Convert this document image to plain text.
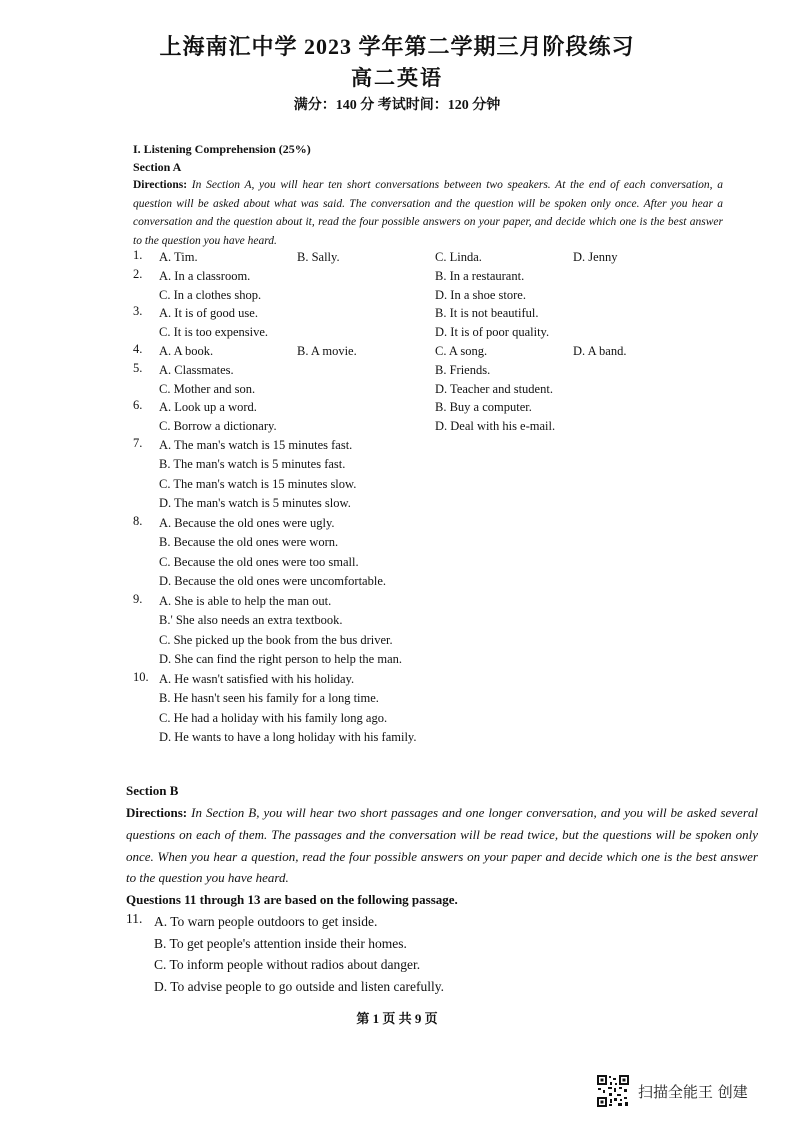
上海南汇中学 2023 学年第二学期三月阶段练习
高二英语
满分：140 分 考试时间：120 分钟
I. Listening Comprehension (25%)
Section A
Directions: In Section A, you will hear ten short conversations between two speakers. At the end of each conversation, a question will be asked about what was said. The conversation and the question will be spoken only once. After you hear a conversation and the question about it, read the four possible answers on your paper, and decide which one is the best answer to the question you have heard.
1.	A. Tim.	B. Sally.	C. Linda.	D. Jenny
2.	A. In a classroom.	B. In a restaurant.
C. In a clothes shop.	D. In a shoe store.
3.	A. It is of good use.	B. It is not beautiful.
C. It is too expensive.	D. It is of poor quality.
4.	A. A book.	B. A movie.	C. A song.	D. A band.
5.	A. Classmates.	B. Friends.
C. Mother and son.	D. Teacher and student.
6.	A. Look up a word.	B. Buy a computer.
C. Borrow a dictionary.	D. Deal with his e-mail.
7.	A. The man's watch is 15 minutes fast.
B. The man's watch is 5 minutes fast.
C. The man's watch is 15 minutes slow.
D. The man's watch is 5 minutes slow.
8.	A. Because the old ones were ugly.
B. Because the old ones were worn.
C. Because the old ones were too small.
D. Because the old ones were uncomfortable.
9.	A. She is able to help the man out.
B.' She also needs an extra textbook.
C. She picked up the book from the bus driver.
D. She can find the right person to help the man.
10. A. He wasn't satisfied with his holiday.
B. He hasn't seen his family for a long time.
C. He had a holiday with his family long ago.
D. He wants to have a long holiday with his family.
Section B
Directions: In Section B, you will hear two short passages and one longer conversation, and you will be asked several questions on each of them. The passages and the conversation will be read twice, but the questions will be spoken only once. When you hear a question, read the four possible answers on your paper and decide which one is the best answer to the question you have heard.
Questions 11 through 13 are based on the following passage.
11. A. To warn people outdoors to get inside.
B. To get people's attention inside their homes.
C. To inform people without radios about danger.
D. To advise people to go outside and listen carefully.
第 1 页 共 9 页
扫描全能王 创建
